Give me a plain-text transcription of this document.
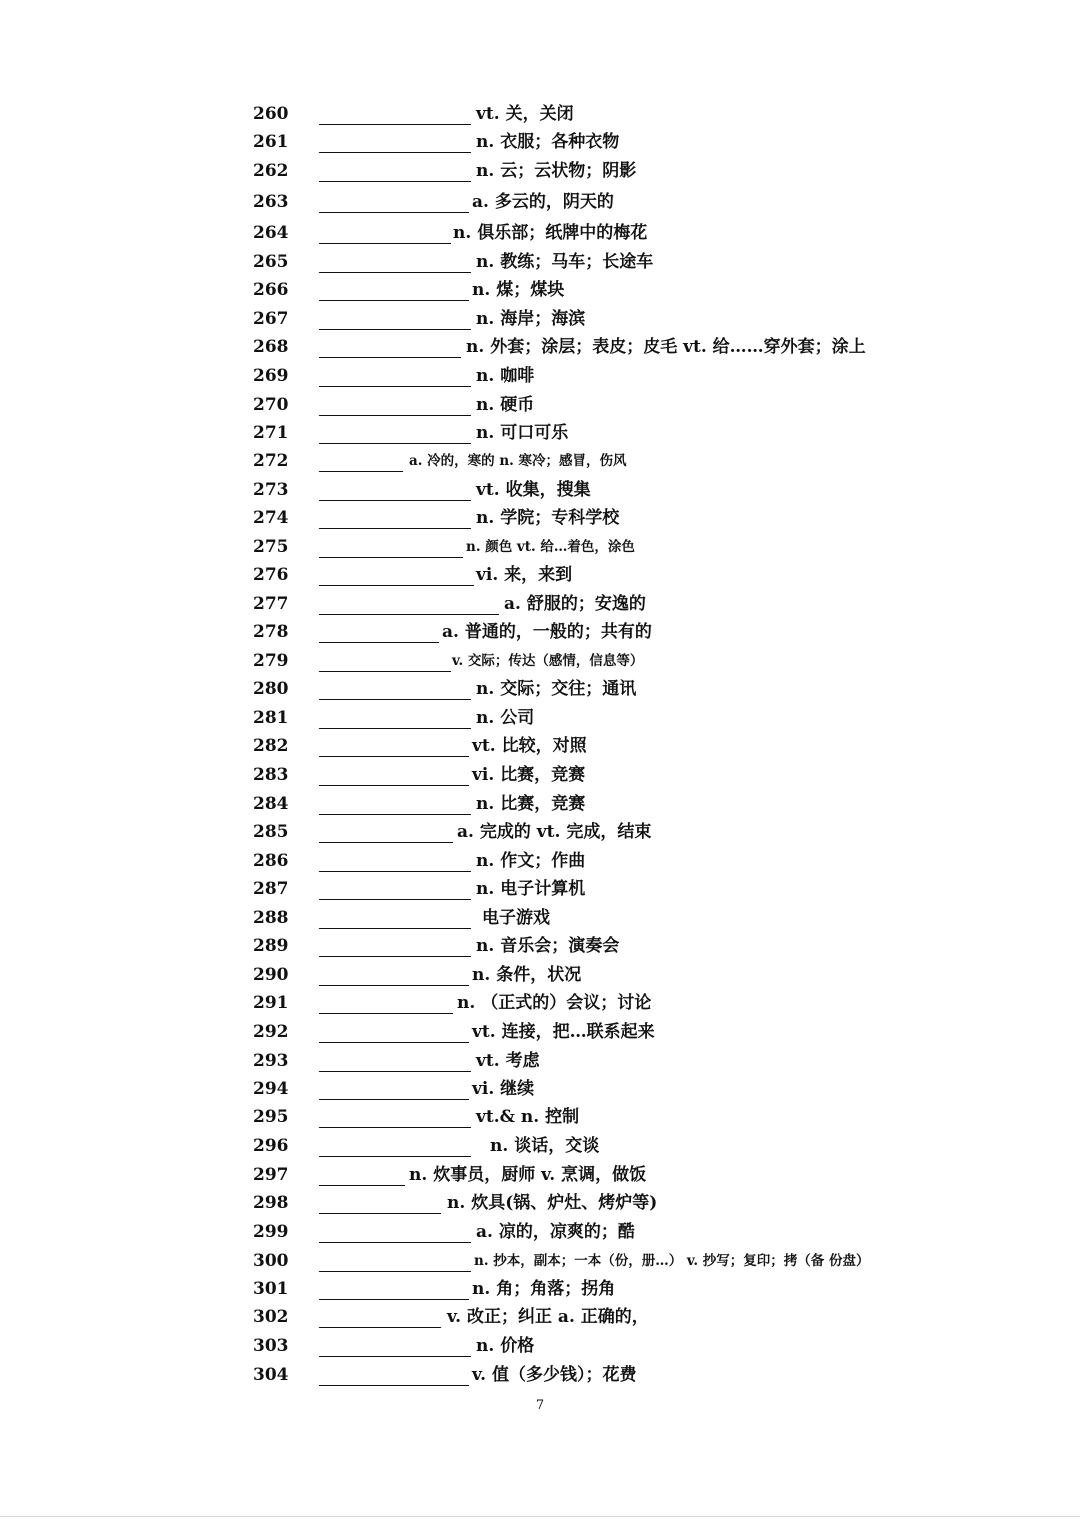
260	vt. 关，关闭
261	n. 衣服；各种衣物
262	n. 云；云状物；阴影
263	a. 多云的，阴天的
264	n. 俱乐部；纸牌中的梅花
265	n. 教练；马车；长途车
266	n. 煤；煤块
267	n. 海岸；海滨
268	n. 外套；涂层；表皮；皮毛 vt. 给……穿外套；涂上
269	n. 咖啡
270	n. 硬币
271	n. 可口可乐
272	a. 冷的，寒的 n. 寒冷；感冒，伤风
273	vt. 收集，搜集
274	n. 学院；专科学校
275	n. 颜色 vt. 给…着色，涂色
276	vi. 来，来到
277	a. 舒服的；安逸的
278	a. 普通的，一般的；共有的
279	v. 交际；传达（感情，信息等）
280	n. 交际；交往；通讯
281	n. 公司
282	vt. 比较，对照
283	vi. 比赛，竞赛
284	n. 比赛，竞赛
285	a. 完成的 vt. 完成，结束
286	n. 作文；作曲
287	n. 电子计算机
288	电子游戏
289	n. 音乐会；演奏会
290	n. 条件，状况
291	n. （正式的）会议；讨论
292	vt. 连接，把…联系起来
293	vt. 考虑
294	vi. 继续
295	vt.& n. 控制
296	n. 谈话，交谈
297	n. 炊事员，厨师 v. 烹调，做饭
298	n. 炊具(锅、炉灶、烤炉等)
299	a. 凉的，凉爽的；酷
300	n. 抄本，副本；一本（份，册…） v. 抄写；复印；拷（备 份盘）
301	n. 角；角落；拐角
302	v. 改正；纠正 a. 正确的，
303	n. 价格
304	v. 值（多少钱）；花费
7
